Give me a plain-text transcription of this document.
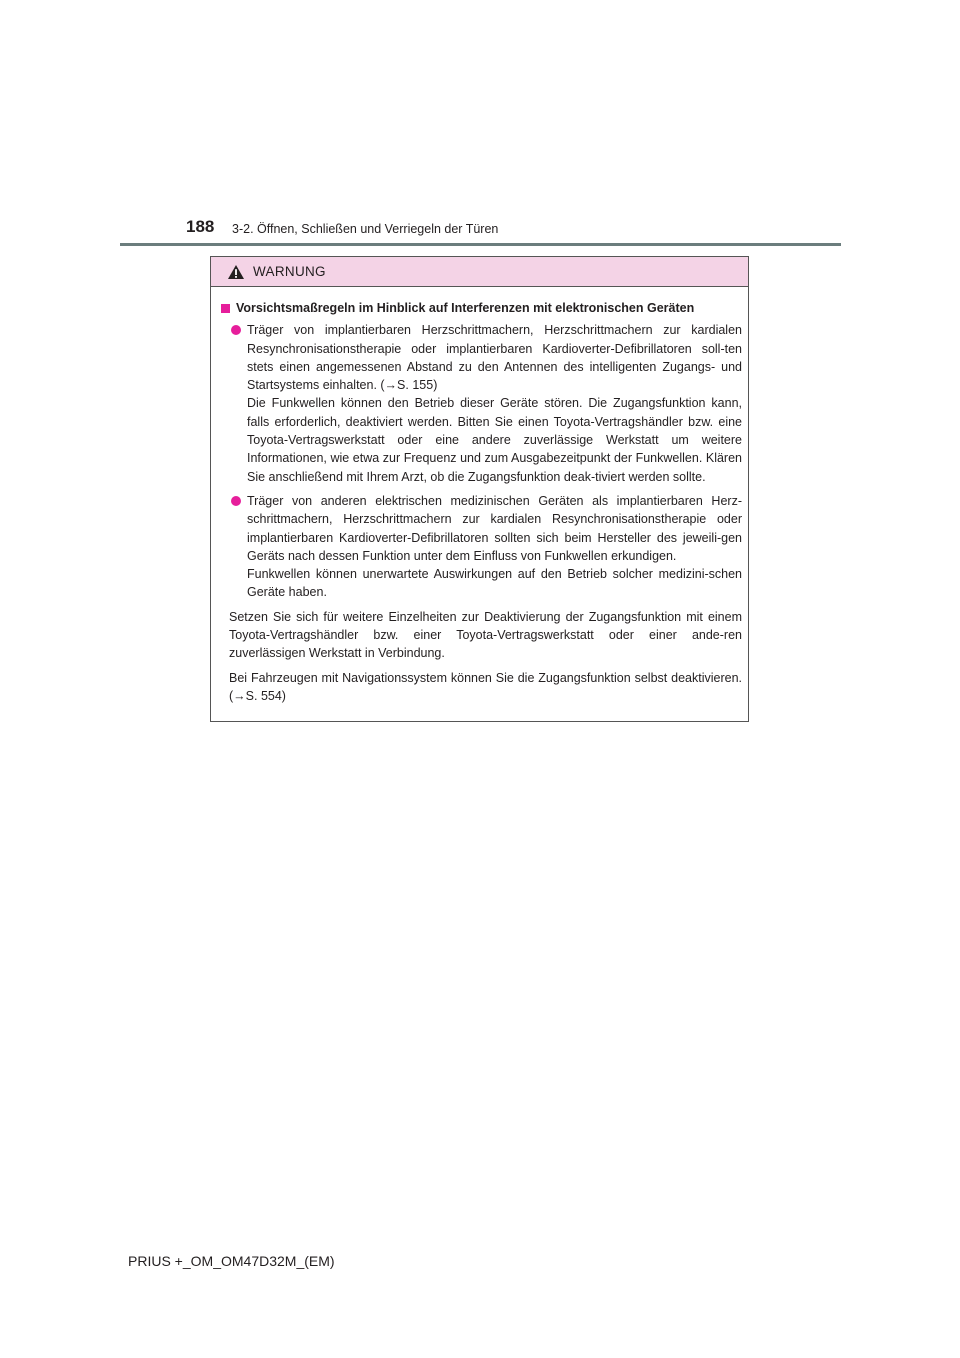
188 3-2. Öffnen, Schließen und Verriegeln der Türen
WARNUNG
Vorsichtsmaßregeln im Hinblick auf Interferenzen mit elektronischen Geräten

Träger von implantierbaren Herzschrittmachern, Herzschrittmachern zur kardialen Resynchronisationstherapie oder implantierbaren Kardioverter-Defibrillatoren soll-ten stets einen angemessenen Abstand zu den Antennen des intelligenten Zugangs- und Startsystems einhalten. (→S. 155)

Die Funkwellen können den Betrieb dieser Geräte stören. Die Zugangsfunktion kann, falls erforderlich, deaktiviert werden. Bitten Sie einen Toyota-Vertragshändler bzw. eine Toyota-Vertragswerkstatt oder eine andere zuverlässige Werkstatt um weitere Informationen, wie etwa zur Frequenz und zum Ausgabezeitpunkt der Funkwellen. Klären Sie anschließend mit Ihrem Arzt, ob die Zugangsfunktion deak-tiviert werden sollte.

Träger von anderen elektrischen medizinischen Geräten als implantierbaren Herz-schrittmachern, Herzschrittmachern zur kardialen Resynchronisationstherapie oder implantierbaren Kardioverter-Defibrillatoren sollten sich beim Hersteller des jeweili-gen Geräts nach dessen Funktion unter dem Einfluss von Funkwellen erkundigen.

Funkwellen können unerwartete Auswirkungen auf den Betrieb solcher medizini-schen Geräte haben.

Setzen Sie sich für weitere Einzelheiten zur Deaktivierung der Zugangsfunktion mit einem Toyota-Vertragshändler bzw. einer Toyota-Vertragswerkstatt oder einer ande-ren zuverlässigen Werkstatt in Verbindung.

Bei Fahrzeugen mit Navigationssystem können Sie die Zugangsfunktion selbst deaktivieren. (→S. 554)

PRIUS +_OM_OM47D32M_(EM)
